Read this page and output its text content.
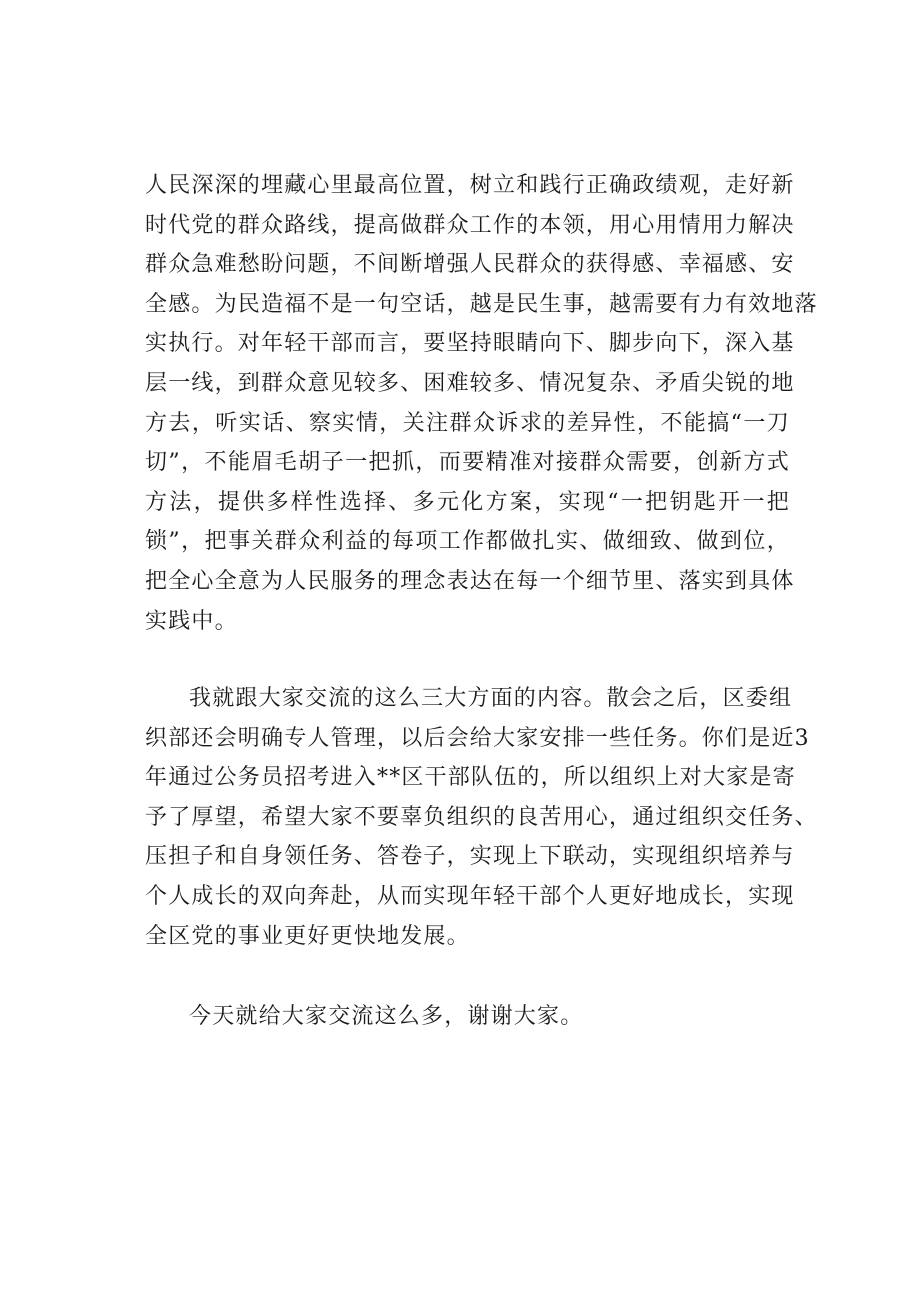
人民深深的埋藏心里最高位置，树立和践行正确政绩观，走好新
时代党的群众路线，提高做群众工作的本领，用心用情用力解决
群众急难愁盼问题，不间断增强人民群众的获得感、幸福感、安
全感。为民造福不是一句空话，越是民生事，越需要有力有效地落
实执行。对年轻干部而言，要坚持眼睛向下、脚步向下，深入基
层一线，到群众意见较多、困难较多、情况复杂、矛盾尖锐的地
方去，听实话、察实情，关注群众诉求的差异性，不能搞“一刀
切”，不能眉毛胡子一把抓，而要精准对接群众需要，创新方式
方法，提供多样性选择、多元化方案，实现“一把钥匙开一把
锁”，把事关群众利益的每项工作都做扎实、做细致、做到位，
把全心全意为人民服务的理念表达在每一个细节里、落实到具体
实践中。
我就跟大家交流的这么三大方面的内容。散会之后，区委组
织部还会明确专人管理，以后会给大家安排一些任务。你们是近3
年通过公务员招考进入**区干部队伍的，所以组织上对大家是寄
予了厚望，希望大家不要辜负组织的良苦用心，通过组织交任务、
压担子和自身领任务、答卷子，实现上下联动，实现组织培养与
个人成长的双向奔赴，从而实现年轻干部个人更好地成长，实现
全区党的事业更好更快地发展。
今天就给大家交流这么多，谢谢大家。
